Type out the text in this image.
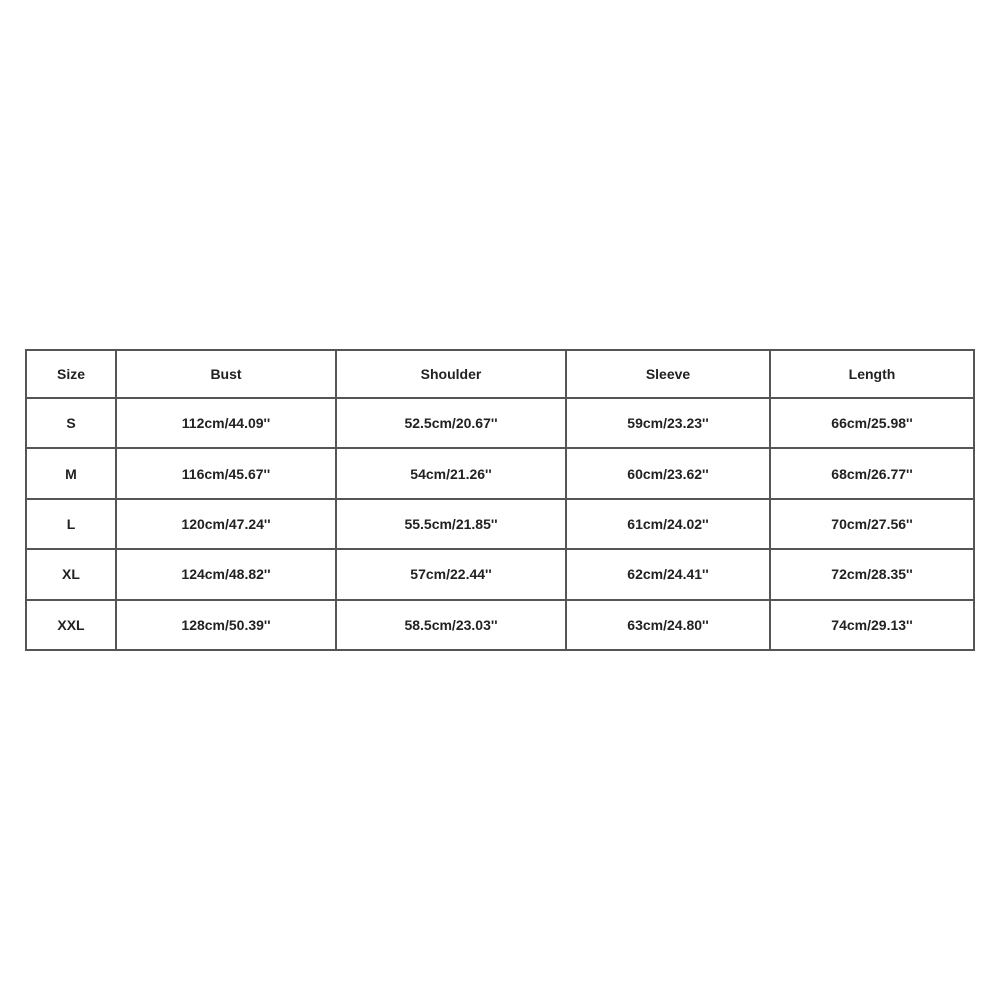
Size	Bust	Shoulder	Sleeve	Length
S	112cm/44.09''	52.5cm/20.67''	59cm/23.23''	66cm/25.98''
M	116cm/45.67''	54cm/21.26''	60cm/23.62''	68cm/26.77''
L	120cm/47.24''	55.5cm/21.85''	61cm/24.02''	70cm/27.56''
XL	124cm/48.82''	57cm/22.44''	62cm/24.41''	72cm/28.35''
XXL	128cm/50.39''	58.5cm/23.03''	63cm/24.80''	74cm/29.13''
